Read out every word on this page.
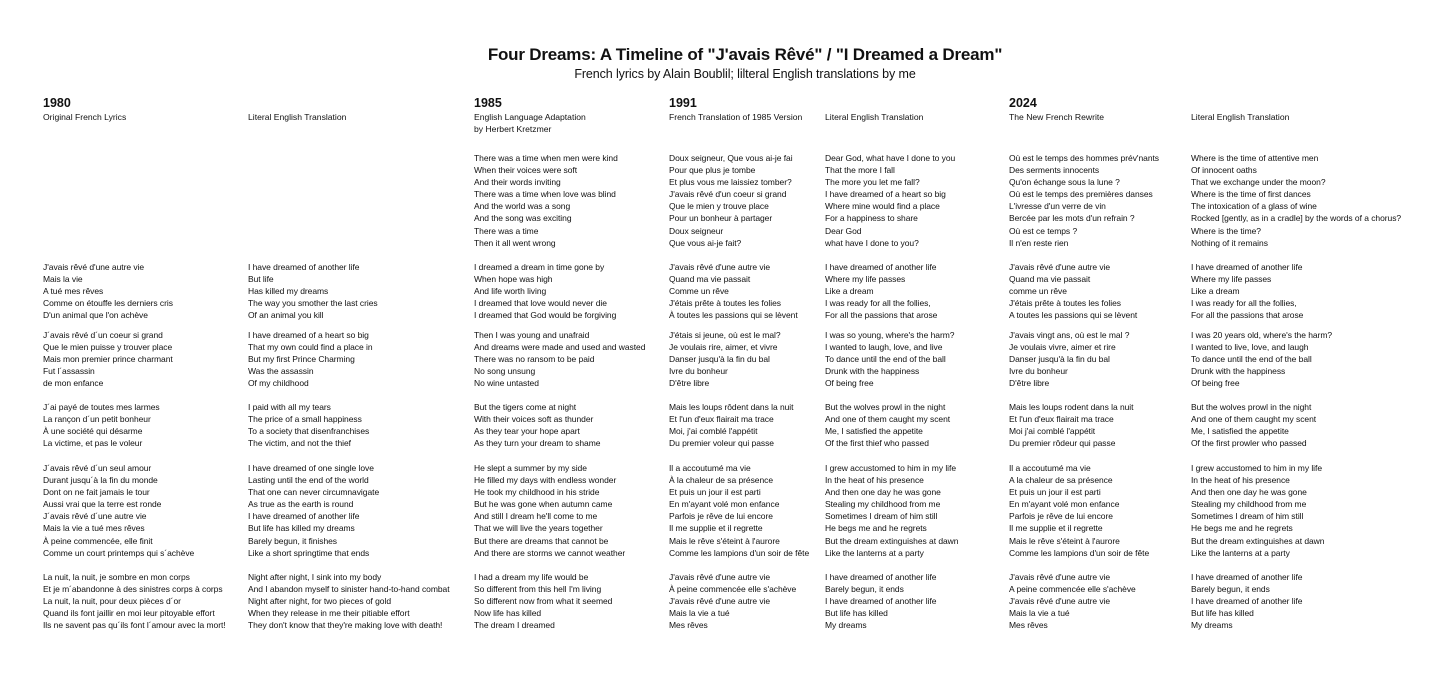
Four Dreams: A Timeline of "J'avais Rêvé" / "I Dreamed a Dream"
French lyrics by Alain Boublil; lilteral English translations by me
1980
Original French Lyrics
J'avais rêvé d'une autre vie
Mais la vie
A tué mes rêves
Comme on étouffe les derniers cris
D'un animal que l'on achève
J´avais rêvé d´un coeur si grand
Que le mien puisse y trouver place
Mais mon premier prince charmant
Fut l´assassin
de mon enfance
J´ai payé de toutes mes larmes
La rançon d´un petit bonheur
À une société qui désarme
La victime, et pas le voleur
J´avais rêvé d´un seul amour
Durant jusqu´à la fin du monde
Dont on ne fait jamais le tour
Aussi vrai que la terre est ronde
J´avais rêvé d´une autre vie
Mais la vie a tué mes rêves
À peine commencée, elle finit
Comme un court printemps qui s´achève
La nuit, la nuit, je sombre en mon corps
Et je m´abandonne à des sinistres corps à corps
La nuit, la nuit, pour deux pièces d´or
Quand ils font jaillir en moi leur pitoyable effort
Ils ne savent pas qu´ils font l´amour avec la mort!
Literal English Translation
I have dreamed of another life
But life
Has killed my dreams
The way you smother the last cries
Of an animal you kill
I have dreamed of a heart so big
That my own could find a place in
But my first Prince Charming
Was the assassin
Of my childhood
I paid with all my tears
The price of a small happiness
To a society that disenfranchises
The victim, and not the thief
I have dreamed of one single love
Lasting until the end of the world
That one can never circumnavigate
As true as the earth is round
I have dreamed of another life
But life has killed my dreams
Barely begun, it finishes
Like a short springtime that ends
Night after night, I sink into my body
And I abandon myself to sinister hand-to-hand combat
Night after night, for two pieces of gold
When they release in me their pitiable effort
They don't know that they're making love with death!
1985
English Language Adaptation
by Herbert Kretzmer
There was a time when men were kind
When their voices were soft
And their words inviting
There was a time when love was blind
And the world was a song
And the song was exciting
There was a time
Then it all went wrong
I dreamed a dream in time gone by
When hope was high
And life worth living
I dreamed that love would never die
I dreamed that God would be forgiving
Then I was young and unafraid
And dreams were made and used and wasted
There was no ransom to be paid
No song unsung
No wine untasted
But the tigers come at night
With their voices soft as thunder
As they tear your hope apart
As they turn your dream to shame
He slept a summer by my side
He filled my days with endless wonder
He took my childhood in his stride
But he was gone when autumn came
And still I dream he'll come to me
That we will live the years together
But there are dreams that cannot be
And there are storms we cannot weather
I had a dream my life would be
So different from this hell I'm living
So different now from what it seemed
Now life has killed
The dream I dreamed
1991
French Translation of 1985 Version
Doux seigneur, Que vous ai-je fai
Pour que plus je tombe
Et plus vous me laissiez tomber?
J'avais rêvé d'un coeur si grand
Que le mien y trouve place
Pour un bonheur à partager
Doux seigneur
Que vous ai-je fait?
J'avais rêvé d'une autre vie
Quand ma vie passait
Comme un rêve
J'étais prête à toutes les folies
À toutes les passions qui se lèvent
J'étais si jeune, où est le mal?
Je voulais rire, aimer, et vivre
Danser jusqu'à la fin du bal
Ivre du bonheur
D'être libre
Mais les loups rôdent dans la nuit
Et l'un d'eux flairait ma trace
Moi, j'ai comblé l'appétit
Du premier voleur qui passe
Il a accoutumé ma vie
À la chaleur de sa présence
Et puis un jour il est parti
En m'ayant volé mon enfance
Parfois je rêve de lui encore
Il me supplie et il regrette
Mais le rêve s'éteint à l'aurore
Comme les lampions d'un soir de fête
J'avais rêvé d'une autre vie
À peine commencée elle s'achève
J'avais rêvé d'une autre vie
Mais la vie a tué
Mes rêves
Literal English Translation
Dear God, what have I done to you
That the more I fall
The more you let me fall?
I have dreamed of a heart so big
Where mine would find a place
For a happiness to share
Dear God
what have I done to you?
I have dreamed of another life
Where my life passes
Like a dream
I was ready for all the follies,
For all the passions that arose
I was so young, where's the harm?
I wanted to laugh, love, and live
To dance until the end of the ball
Drunk with the happiness
Of being free
But the wolves prowl in the night
And one of them caught my scent
Me, I satisfied the appetite
Of the first thief who passed
I grew accustomed to him in my life
In the heat of his presence
And then one day he was gone
Stealing my childhood from me
Sometimes I dream of him still
He begs me and he regrets
But the dream extinguishes at dawn
Like the lanterns at a party
I have dreamed of another life
Barely begun, it ends
I have dreamed of another life
But life has killed
My dreams
2024
The New French Rewrite
Où est le temps des hommes prév'nants
Des serments innocents
Qu'on échange sous la lune ?
Où est le temps des premières danses
L'ivresse d'un verre de vin
Bercée par les mots d'un refrain ?
Où est ce temps ?
Il n'en reste rien
J'avais rêvé d'une autre vie
Quand ma vie passait
comme un rêve
J'étais prête à toutes les folies
A toutes les passions qui se lèvent
J'avais vingt ans, où est le mal ?
Je voulais vivre, aimer et rire
Danser jusqu'à la fin du bal
Ivre du bonheur
D'être libre
Mais les loups rodent dans la nuit
Et l'un d'eux flairait ma trace
Moi j'ai comblé l'appétit
Du premier rôdeur qui passe
Il a accoutumé ma vie
A la chaleur de sa présence
Et puis un jour il est parti
En m'ayant volé mon enfance
Parfois je rêve de lui encore
Il me supplie et il regrette
Mais le rêve s'éteint à l'aurore
Comme les lampions d'un soir de fête
J'avais rêvé d'une autre vie
A peine commencée elle s'achève
J'avais rêvé d'une autre vie
Mais la vie a tué
Mes rêves
Literal English Translation
Where is the time of attentive men
Of innocent oaths
That we exchange under the moon?
Where is the time of first dances
The intoxication of a glass of wine
Rocked [gently, as in a cradle] by the words of a chorus?
Where is the time?
Nothing of it remains
I have dreamed of another life
Where my life passes
Like a dream
I was ready for all the follies,
For all the passions that arose
I was 20 years old, where's the harm?
I wanted to live, love, and laugh
To dance until the end of the ball
Drunk with the happiness
Of being free
But the wolves prowl in the night
And one of them caught my scent
Me, I satisfied the appetite
Of the first prowler who passed
I grew accustomed to him in my life
In the heat of his presence
And then one day he was gone
Stealing my childhood from me
Sometimes I dream of him still
He begs me and he regrets
But the dream extinguishes at dawn
Like the lanterns at a party
I have dreamed of another life
Barely begun, it ends
I have dreamed of another life
But life has killed
My dreams
